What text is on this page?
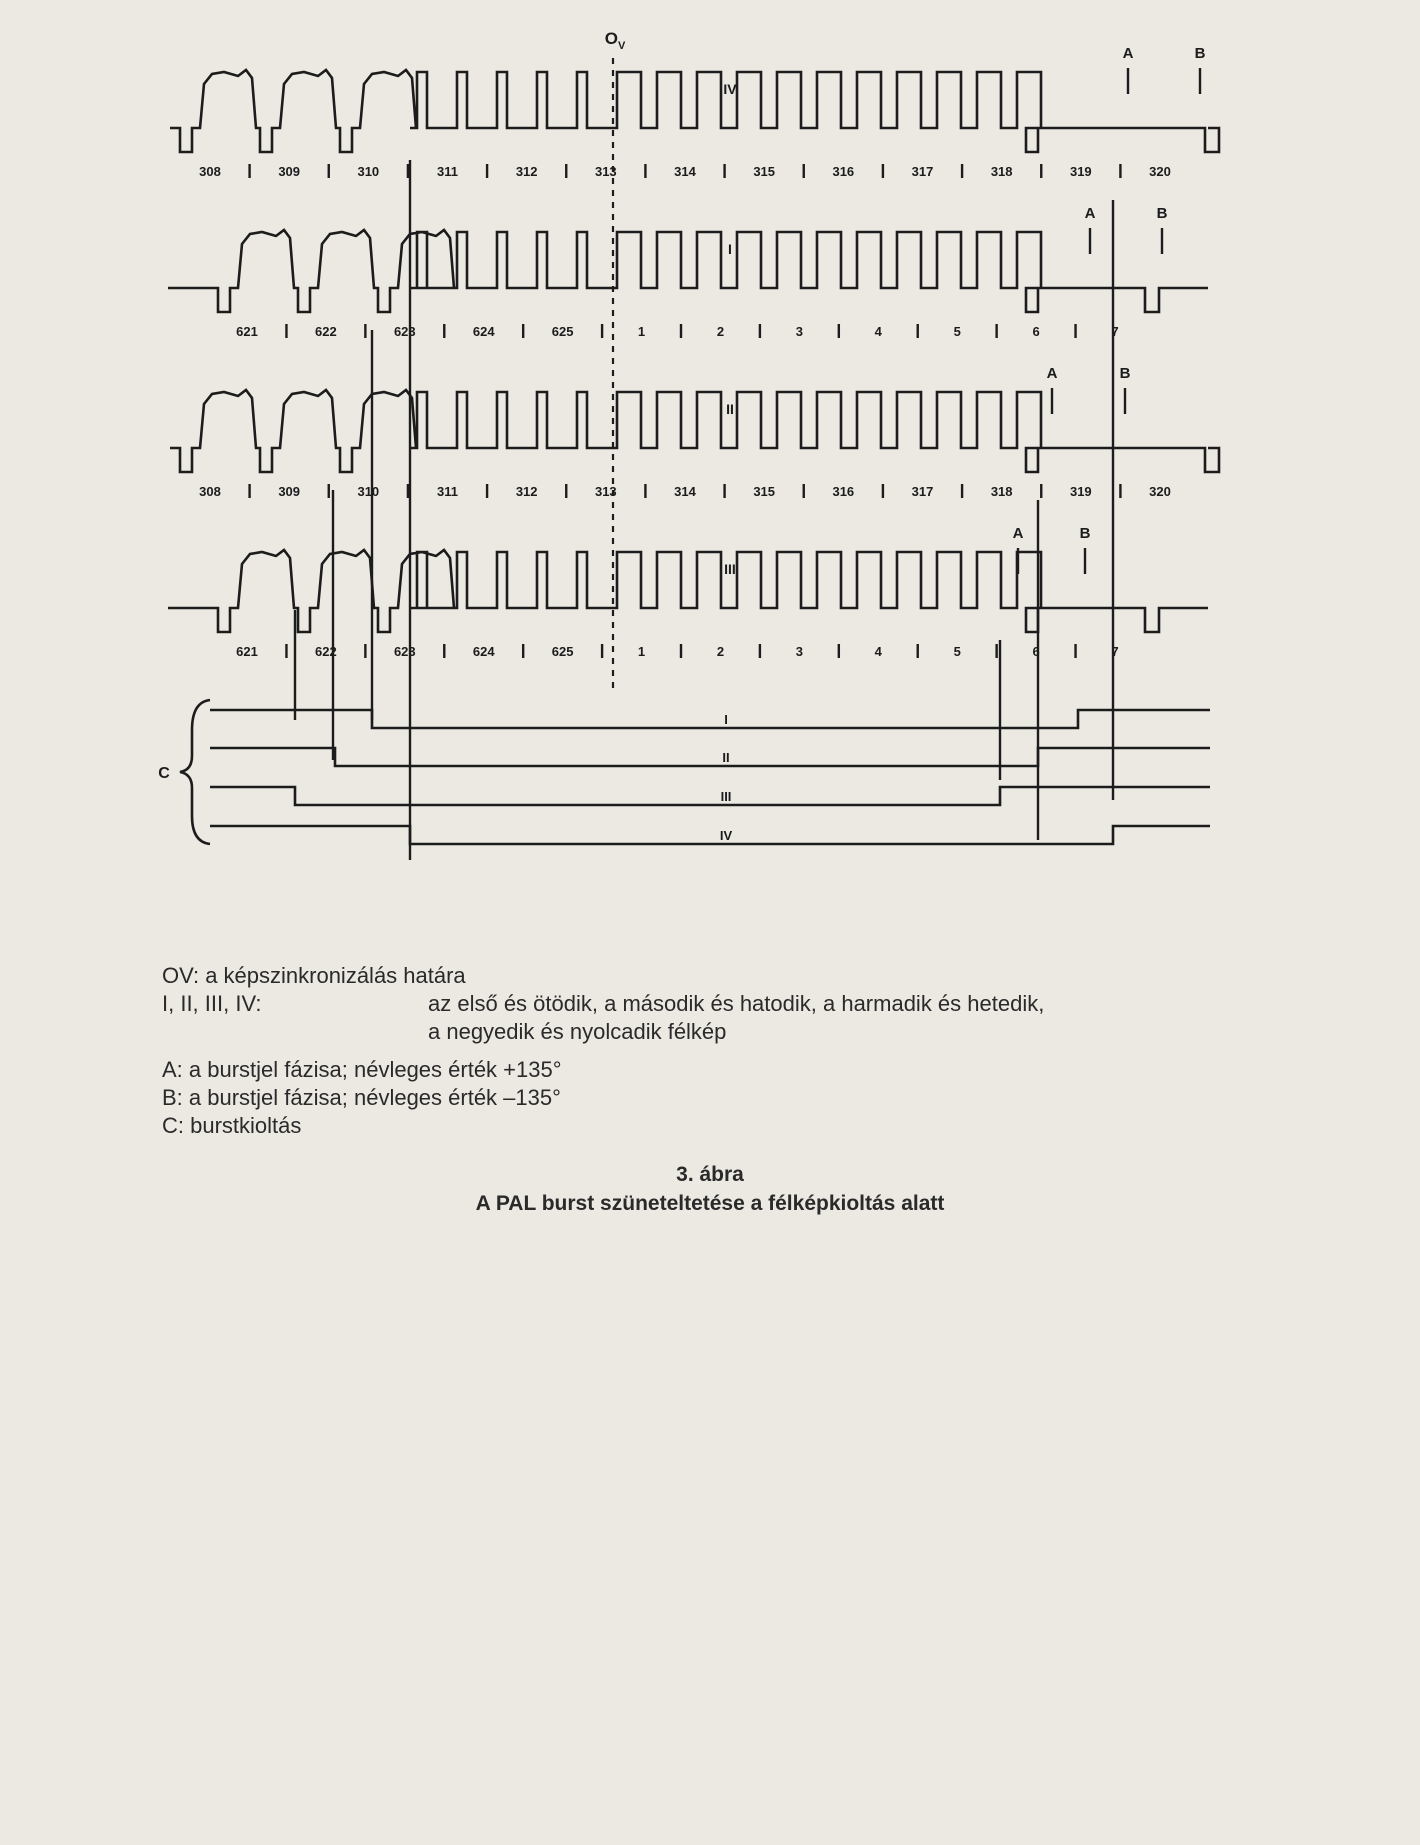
IV
A	B
308	309	310	311	312	313	314	315	316	317	318	319	320
I
A	B
621	622	623	624	625	1	2	3	4	5	6	7
II
A	B
308	309	310	311	312	313	314	315	316	317	318	319	320
III
A	B
621	622	623	624	625	1	2	3	4	5	6	7
$O_V$
C
I
II
III
IV
OV: a képszinkronizálás határa
I, II, III, IV:	az első és ötödik, a második és hatodik, a harmadik és hetedik,

a negyedik és nyolcadik félkép

A: a burstjel fázisa; névleges érték +135°
B: a burstjel fázisa; névleges érték –135°
C: burstkioltás
3. ábra
A PAL burst szüneteltetése a félképkioltás alatt
